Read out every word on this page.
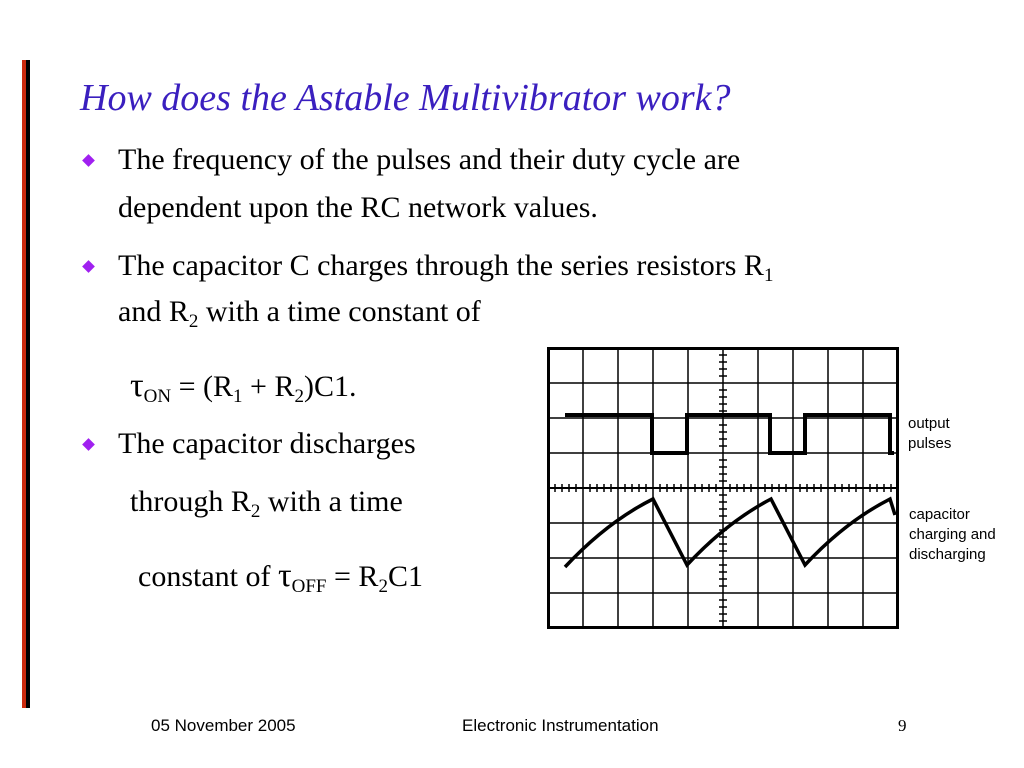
How does the Astable Multivibrator work?
The frequency of the pulses and their duty cycle are
dependent upon the RC network values.
The capacitor C charges through the series resistors $R_1$
and $R_2$ with a time constant of
$\tau_{ON} = (R_1 + R_2)C1$.
The capacitor discharges
through $R_2$ with a time
constant of $\tau_{OFF} = R_2C1$
output
pulses
capacitor
charging and
discharging
05 November 2005	Electronic Instrumentation	9
